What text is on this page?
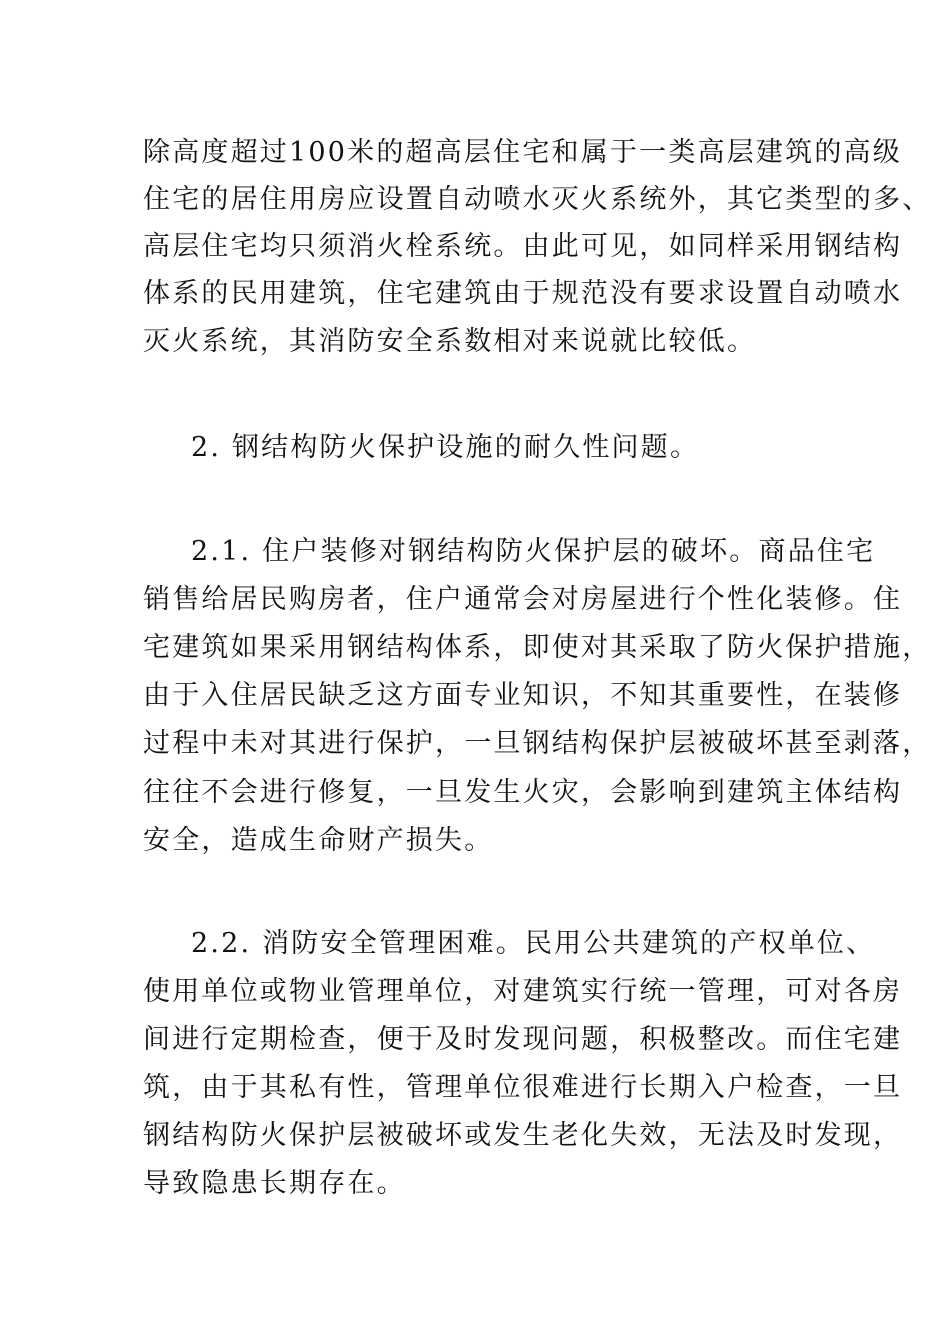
除高度超过100米的超高层住宅和属于一类高层建筑的高级
住宅的居住用房应设置自动喷水灭火系统外，其它类型的多、
高层住宅均只须消火栓系统。由此可见，如同样采用钢结构
体系的民用建筑，住宅建筑由于规范没有要求设置自动喷水
灭火系统，其消防安全系数相对来说就比较低。
2. 钢结构防火保护设施的耐久性问题。
2.1. 住户装修对钢结构防火保护层的破坏。商品住宅
销售给居民购房者，住户通常会对房屋进行个性化装修。住
宅建筑如果采用钢结构体系，即使对其采取了防火保护措施，
由于入住居民缺乏这方面专业知识，不知其重要性，在装修
过程中未对其进行保护，一旦钢结构保护层被破坏甚至剥落，
往往不会进行修复，一旦发生火灾，会影响到建筑主体结构
安全，造成生命财产损失。
2.2. 消防安全管理困难。民用公共建筑的产权单位、
使用单位或物业管理单位，对建筑实行统一管理，可对各房
间进行定期检查，便于及时发现问题，积极整改。而住宅建
筑，由于其私有性，管理单位很难进行长期入户检查，一旦
钢结构防火保护层被破坏或发生老化失效，无法及时发现，
导致隐患长期存在。
